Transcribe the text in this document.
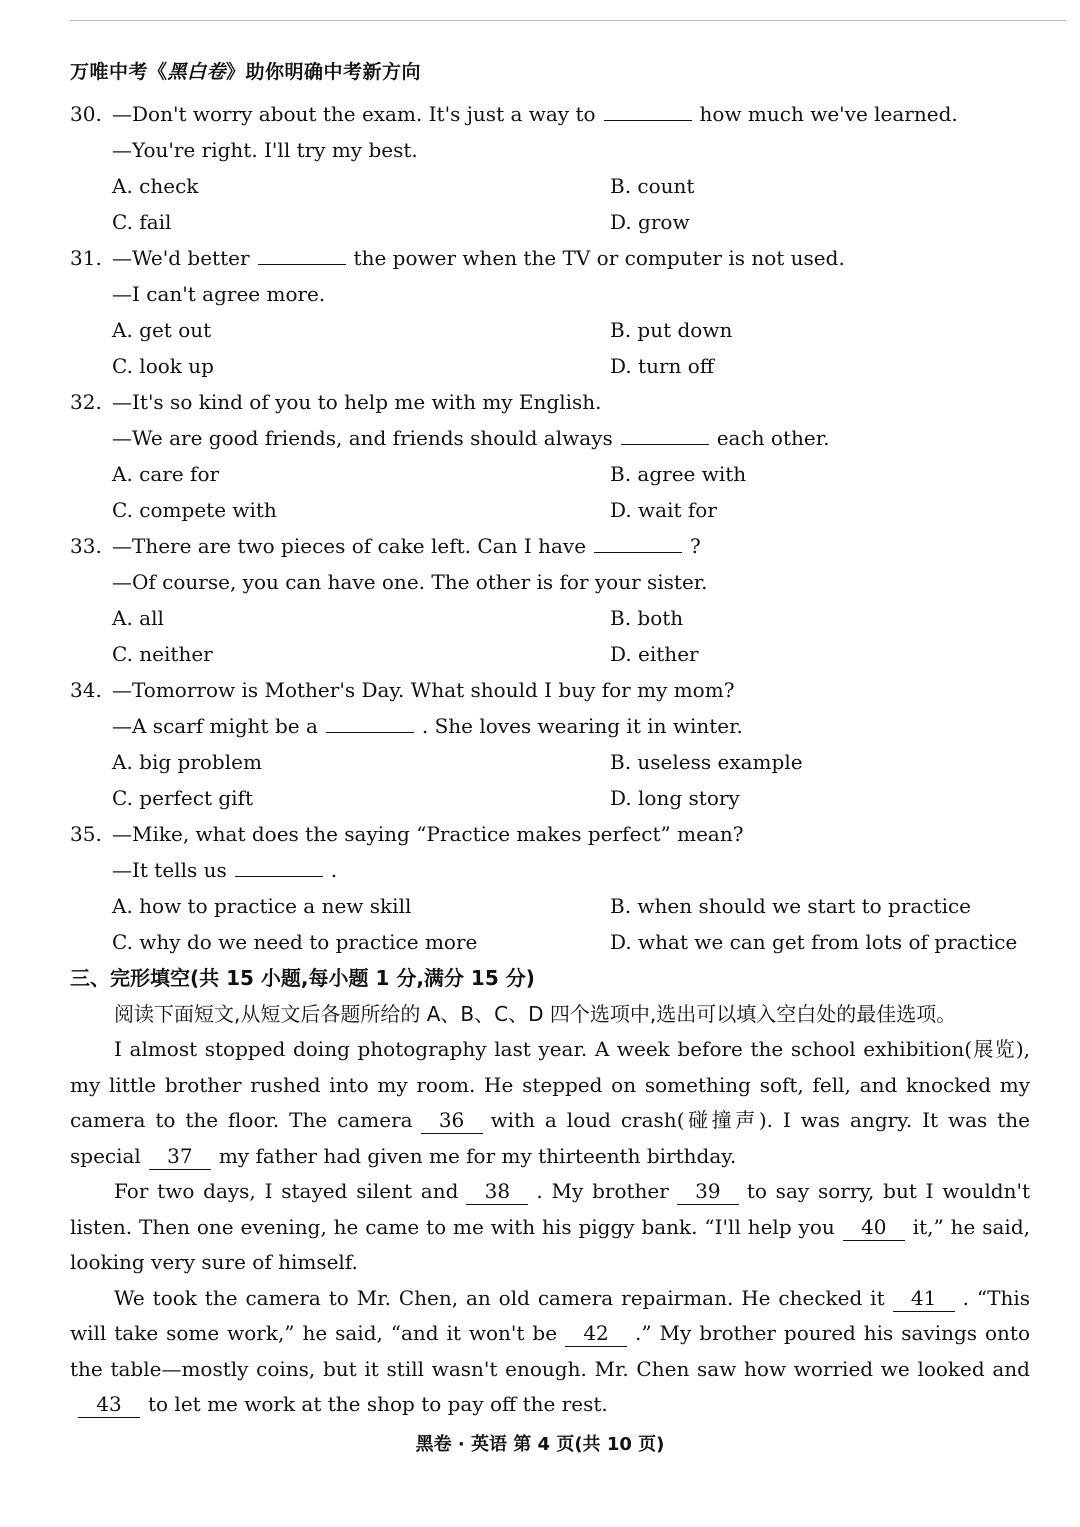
万唯中考《黑白卷》助你明确中考新方向
30. —Don't worry about the exam. It's just a way to	how much we've learned.
—You're right. I'll try my best.
A. check	B. count
C. fail	D. grow
31. —We'd better	the power when the TV or computer is not used.
—I can't agree more.
A. get out	B. put down
C. look up	D. turn off
32. —It's so kind of you to help me with my English.
—We are good friends, and friends should always	each other.
A. care for	B. agree with
C. compete with	D. wait for
33. —There are two pieces of cake left. Can I have	?
—Of course, you can have one. The other is for your sister.
A. all	B. both
C. neither	D. either
34. —Tomorrow is Mother's Day. What should I buy for my mom?
—A scarf might be a	. She loves wearing it in winter.
A. big problem	B. useless example
C. perfect gift	D. long story
35. —Mike, what does the saying “Practice makes perfect” mean?
—It tells us	.
A. how to practice a new skill	B. when should we start to practice
C. why do we need to practice more	D. what we can get from lots of practice
三、完形填空(共 15 小题,每小题 1 分,满分 15 分)
阅读下面短文,从短文后各题所给的 A、B、C、D 四个选项中,选出可以填入空白处的最佳选项。
I almost stopped doing photography last year. A week before the school exhibition(展览), my little brother rushed into my room. He stepped on something soft, fell, and knocked my camera to the floor. The camera 36 with a loud crash(碰撞声). I was angry. It was the special 37 my father had given me for my thirteenth birthday.
For two days, I stayed silent and 38 . My brother 39 to say sorry, but I wouldn't listen. Then one evening, he came to me with his piggy bank. “I'll help you 40 it,” he said, looking very sure of himself.
We took the camera to Mr. Chen, an old camera repairman. He checked it 41 . “This will take some work,” he said, “and it won't be 42 .” My brother poured his savings onto the table—mostly coins, but it still wasn't enough. Mr. Chen saw how worried we looked and43 to let me work at the shop to pay off the rest.
黑卷 · 英语 第 4 页(共 10 页)
